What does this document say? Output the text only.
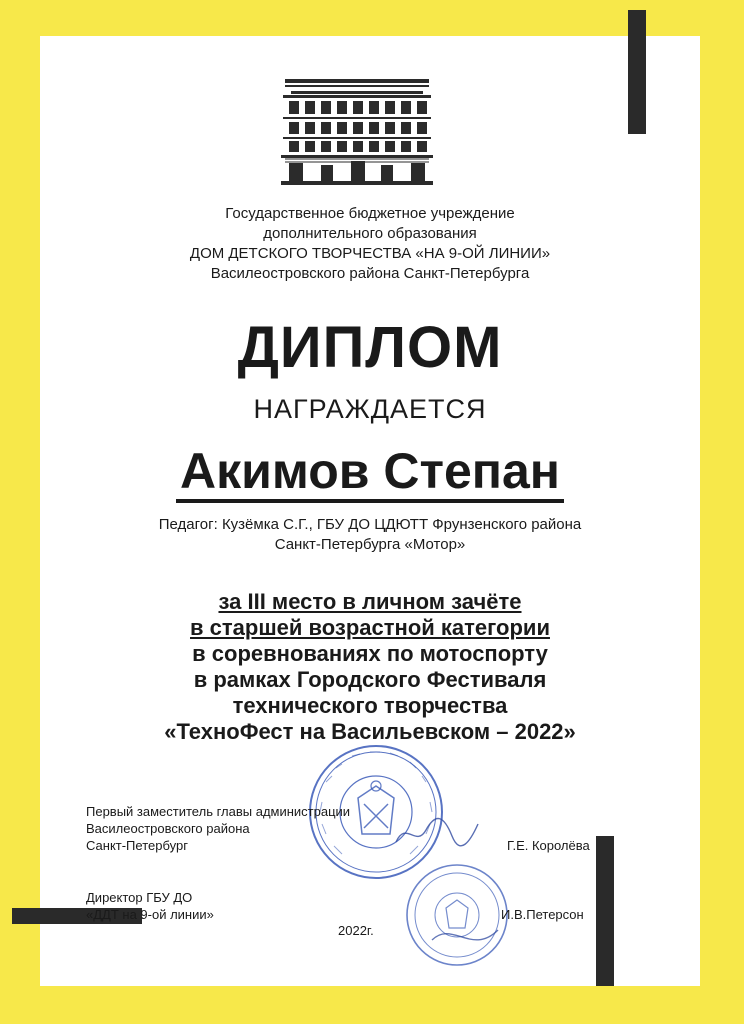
Государственное бюджетное учреждение
дополнительного образования
ДОМ ДЕТСКОГО ТВОРЧЕСТВА «НА 9-ОЙ ЛИНИИ»
Василеостровского района Санкт-Петербурга
ДИПЛОМ
НАГРАЖДАЕТСЯ
Акимов Степан
Педагог: Кузёмка С.Г., ГБУ ДО ЦДЮТТ Фрунзенского района
Санкт-Петербурга «Мотор»
за III место в личном зачёте
в старшей возрастной категории
в соревнованиях по мотоспорту
в рамках Городского Фестиваля
технического творчества
«ТехноФест на Васильевском – 2022»
Первый заместитель главы администрации
Василеостровского района
Санкт-Петербург	Г.Е. Королёва
Директор ГБУ ДО
«ДДТ на 9-ой линии»	И.В.Петерсон
2022г.
